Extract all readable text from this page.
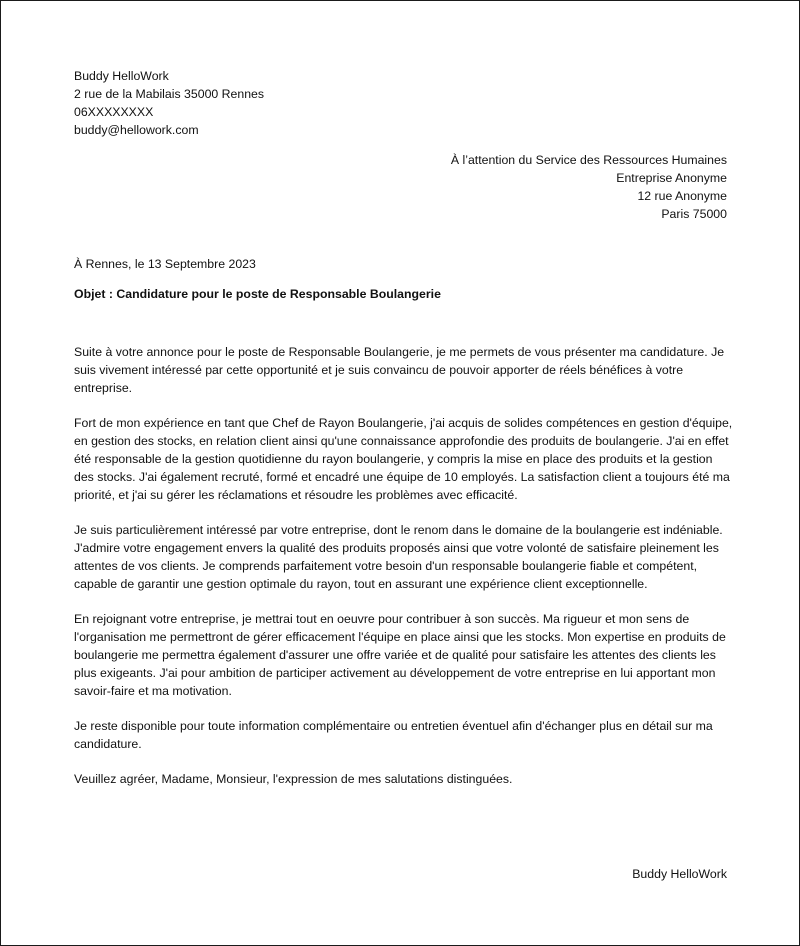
Buddy HelloWork
2 rue de la Mabilais 35000 Rennes
06XXXXXXXX
buddy@hellowork.com
À l’attention du Service des Ressources Humaines
Entreprise Anonyme
12 rue Anonyme
Paris 75000
À Rennes, le 13 Septembre 2023
Objet : Candidature pour le poste de Responsable Boulangerie

Suite à votre annonce pour le poste de Responsable Boulangerie, je me permets de vous présenter ma candidature. Je suis vivement intéressé par cette opportunité et je suis convaincu de pouvoir apporter de réels bénéfices à votre entreprise.

Fort de mon expérience en tant que Chef de Rayon Boulangerie, j'ai acquis de solides compétences en gestion d'équipe, en gestion des stocks, en relation client ainsi qu'une connaissance approfondie des produits de boulangerie. J'ai en effet été responsable de la gestion quotidienne du rayon boulangerie, y compris la mise en place des produits et la gestion des stocks. J'ai également recruté, formé et encadré une équipe de 10 employés. La satisfaction client a toujours été ma priorité, et j'ai su gérer les réclamations et résoudre les problèmes avec efficacité.

Je suis particulièrement intéressé par votre entreprise, dont le renom dans le domaine de la boulangerie est indéniable. J'admire votre engagement envers la qualité des produits proposés ainsi que votre volonté de satisfaire pleinement les attentes de vos clients. Je comprends parfaitement votre besoin d'un responsable boulangerie fiable et compétent, capable de garantir une gestion optimale du rayon, tout en assurant une expérience client exceptionnelle.

En rejoignant votre entreprise, je mettrai tout en oeuvre pour contribuer à son succès. Ma rigueur et mon sens de l'organisation me permettront de gérer efficacement l'équipe en place ainsi que les stocks. Mon expertise en produits de boulangerie me permettra également d'assurer une offre variée et de qualité pour satisfaire les attentes des clients les plus exigeants. J'ai pour ambition de participer activement au développement de votre entreprise en lui apportant mon savoir-faire et ma motivation.

Je reste disponible pour toute information complémentaire ou entretien éventuel afin d'échanger plus en détail sur ma candidature.

Veuillez agréer, Madame, Monsieur, l'expression de mes salutations distinguées.

Buddy HelloWork
